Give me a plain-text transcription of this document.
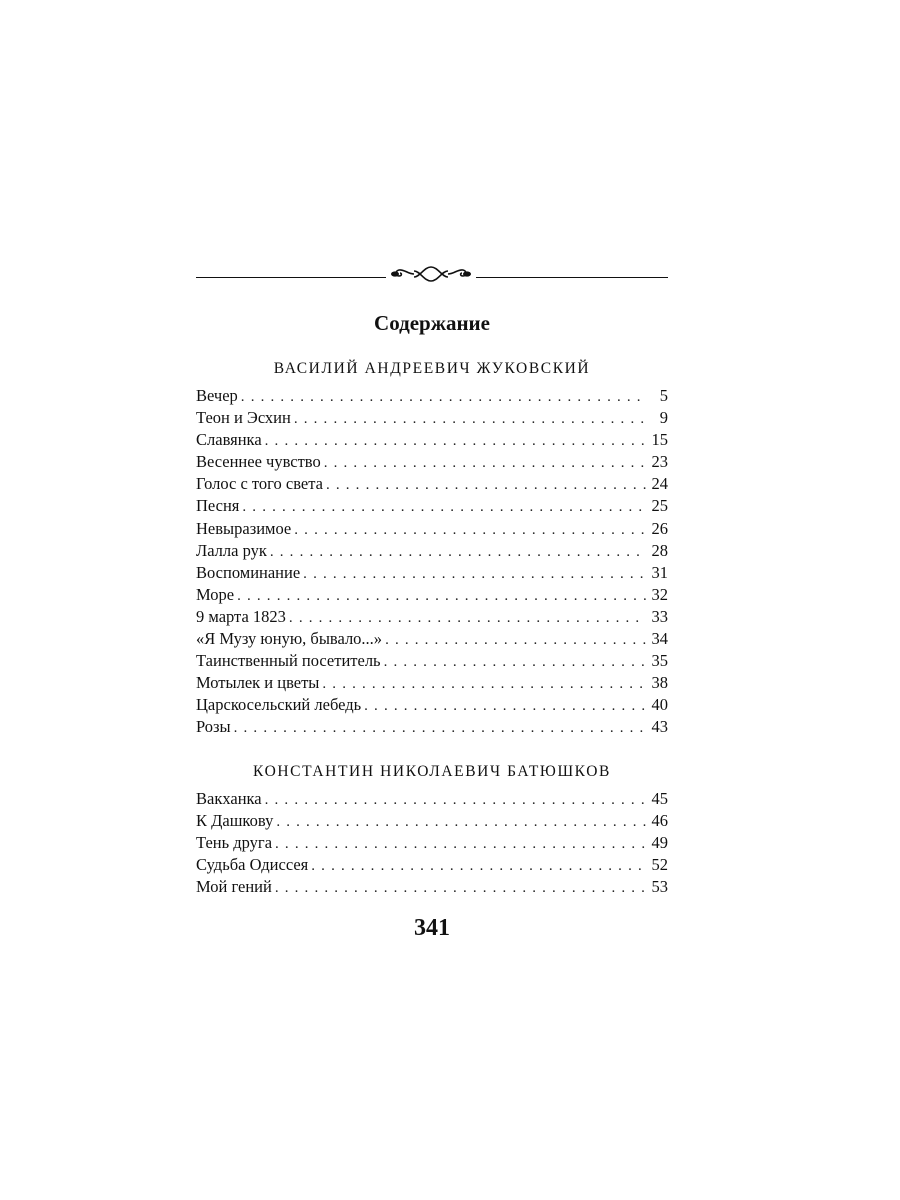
Содержание
ВАСИЛИЙ АНДРЕЕВИЧ ЖУКОВСКИЙ
Вечер . . .	5
Теон и Эсхин . . .	9
Славянка . . .	15
Весеннее чувство . . .	23
Голос с того света . . .	24
Песня . . .	25
Невыразимое . . .	26
Лалла рук . . .	28
Воспоминание . . .	31
Море . . .	32
9 марта 1823 . . .	33
«Я Музу юную, бывало...» . . .	34
Таинственный посетитель . . .	35
Мотылек и цветы . . .	38
Царскосельский лебедь . . .	40
Розы . . .	43
КОНСТАНТИН НИКОЛАЕВИЧ БАТЮШКОВ
Вакханка . . .	45
К Дашкову . . .	46
Тень друга . . .	49
Судьба Одиссея . . .	52
Мой гений . . .	53
341
